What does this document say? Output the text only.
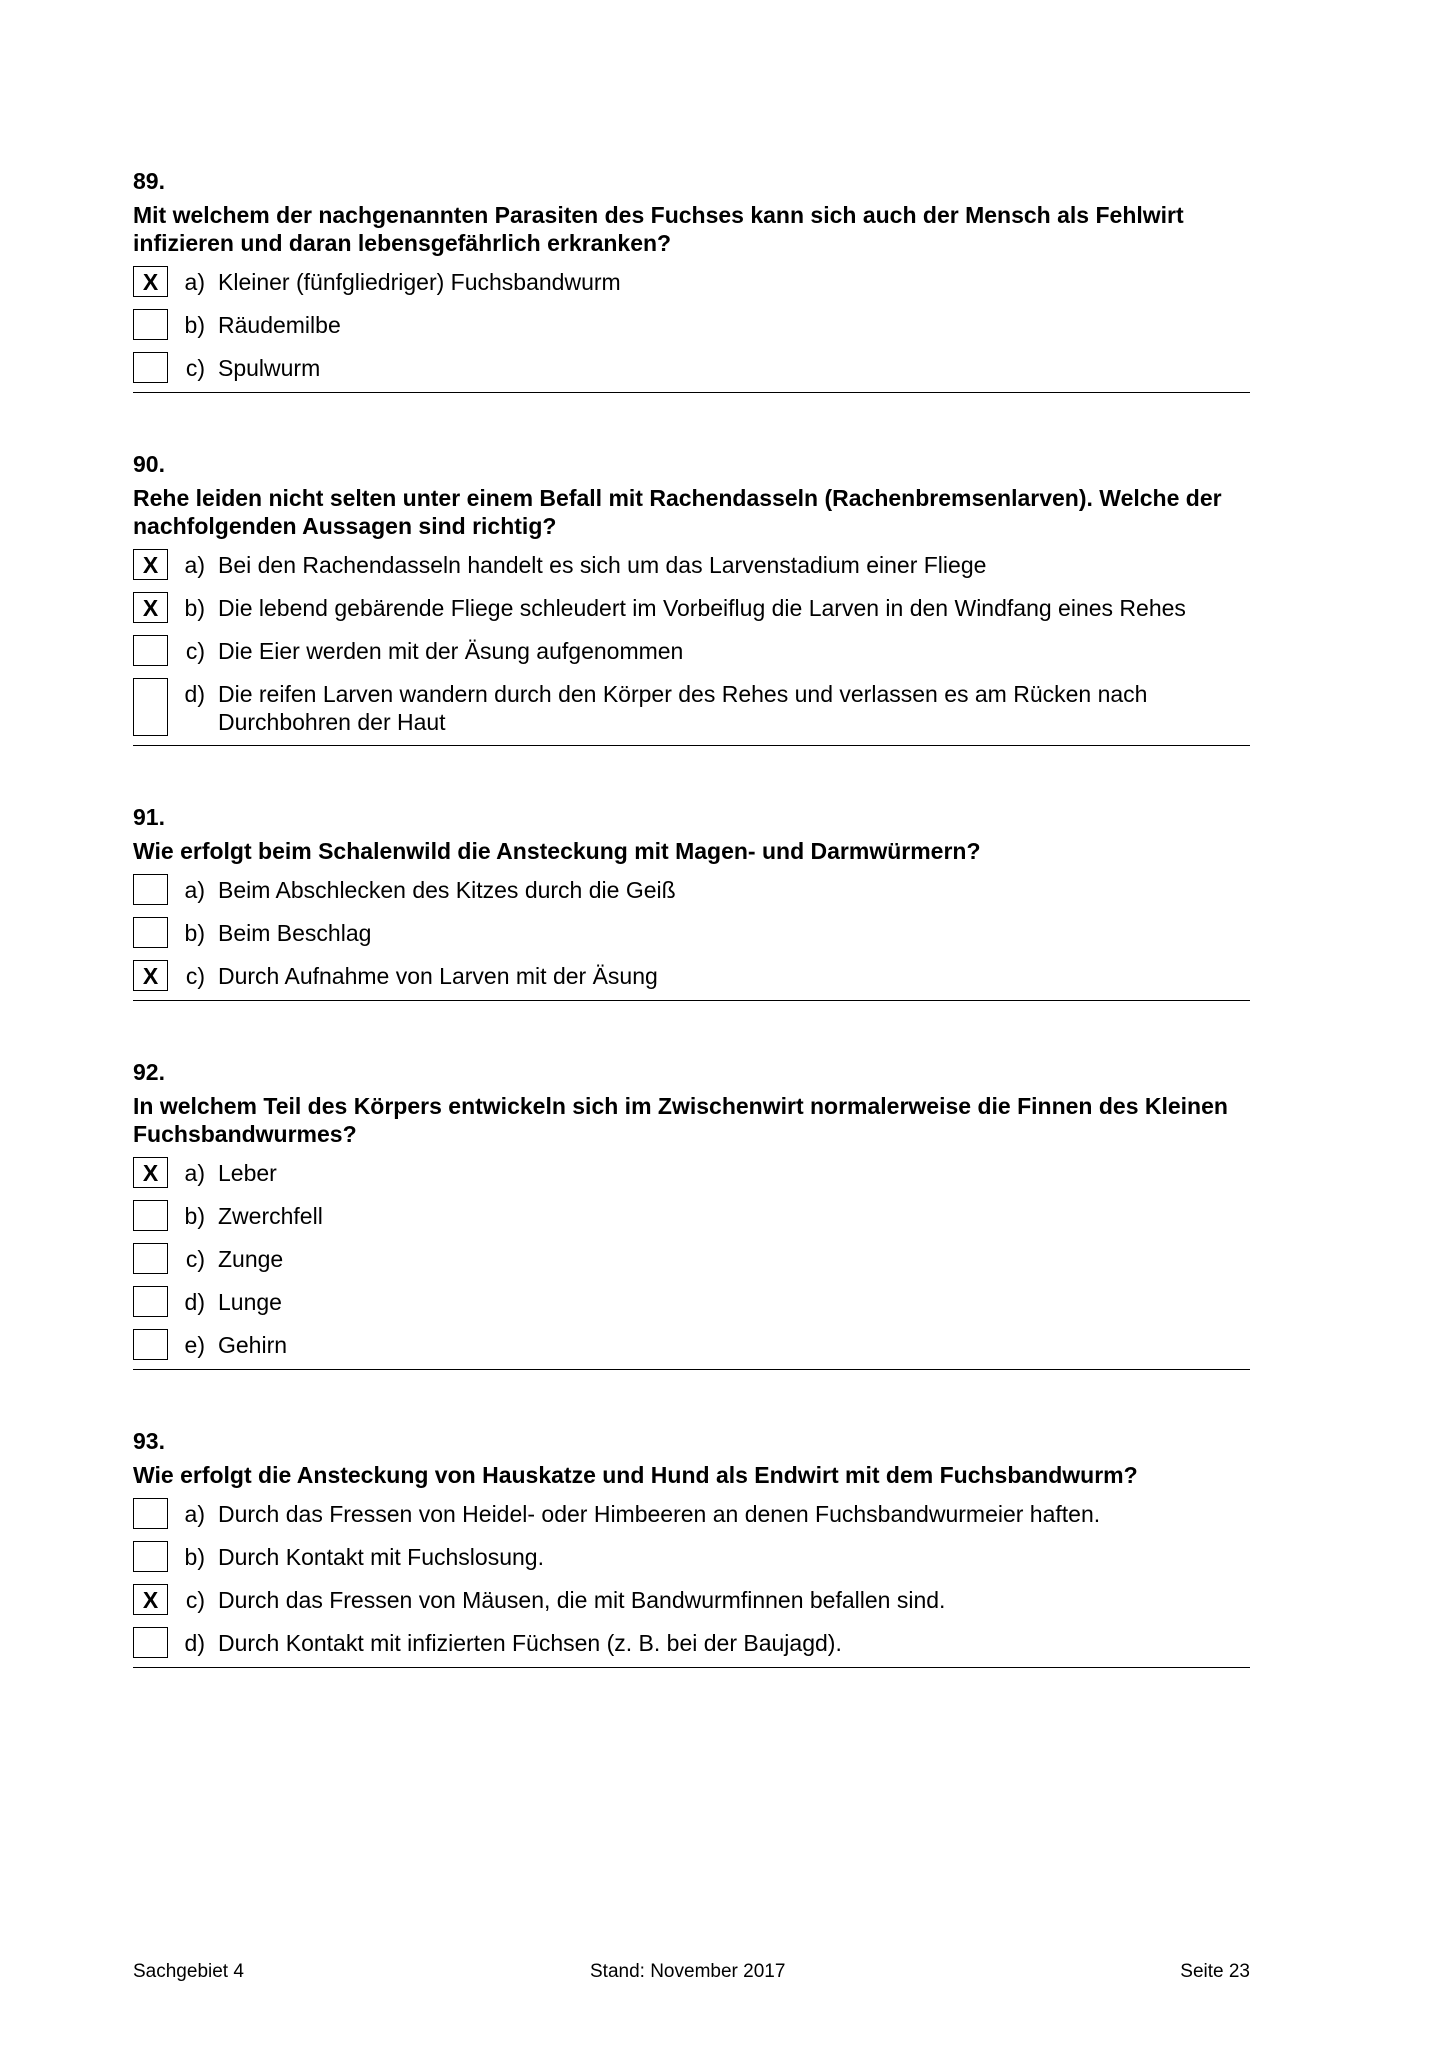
89.
Mit welchem der nachgenannten Parasiten des Fuchses kann sich auch der Mensch als Fehlwirt infizieren und daran lebensgefährlich erkranken?
X	a) Kleiner (fünfgliedriger) Fuchsbandwurm
b) Räudemilbe
c) Spulwurm
90.
Rehe leiden nicht selten unter einem Befall mit Rachendasseln (Rachenbremsenlarven). Welche der nachfolgenden Aussagen sind richtig?
X	a) Bei den Rachendasseln handelt es sich um das Larvenstadium einer Fliege
X	b) Die lebend gebärende Fliege schleudert im Vorbeiflug die Larven in den Windfang eines Rehes
c) Die Eier werden mit der Äsung aufgenommen
d) Die reifen Larven wandern durch den Körper des Rehes und verlassen es am Rücken nach Durchbohren der Haut
91.
Wie erfolgt beim Schalenwild die Ansteckung mit Magen- und Darmwürmern?
a) Beim Abschlecken des Kitzes durch die Geiß
b) Beim Beschlag
X	c) Durch Aufnahme von Larven mit der Äsung
92.
In welchem Teil des Körpers entwickeln sich im Zwischenwirt normalerweise die Finnen des Kleinen Fuchsbandwurmes?
X	a) Leber
b) Zwerchfell
c) Zunge
d) Lunge
e) Gehirn
93.
Wie erfolgt die Ansteckung von Hauskatze und Hund als Endwirt mit dem Fuchsbandwurm?
a) Durch das Fressen von Heidel- oder Himbeeren an denen Fuchsbandwurmeier haften.
b) Durch Kontakt mit Fuchslosung.
X	c) Durch das Fressen von Mäusen, die mit Bandwurmfinnen befallen sind.
d) Durch Kontakt mit infizierten Füchsen (z. B. bei der Baujagd).
Sachgebiet 4	Stand: November 2017	Seite 23
